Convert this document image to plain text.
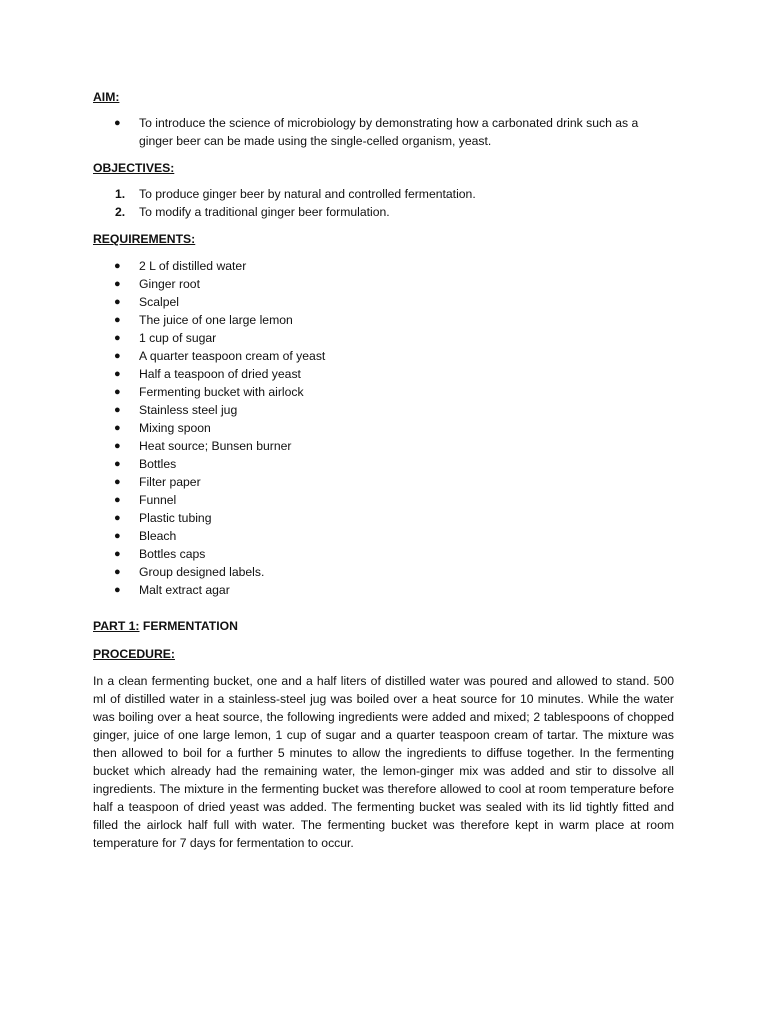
AIM:

● To introduce the science of microbiology by demonstrating how a carbonated drink such as a ginger beer can be made using the single-celled organism, yeast.

OBJECTIVES:

1. To produce ginger beer by natural and controlled fermentation.
2. To modify a traditional ginger beer formulation.

REQUIREMENTS:

● 2 L of distilled water
● Ginger root
● Scalpel
● The juice of one large lemon
● 1 cup of sugar
● A quarter teaspoon cream of yeast
● Half a teaspoon of dried yeast
● Fermenting bucket with airlock
● Stainless steel jug
● Mixing spoon
● Heat source; Bunsen burner
● Bottles
● Filter paper
● Funnel
● Plastic tubing
● Bleach
● Bottles caps
● Group designed labels.
● Malt extract agar

PART 1: FERMENTATION

PROCEDURE:

In a clean fermenting bucket, one and a half liters of distilled water was poured and allowed to stand. 500 ml of distilled water in a stainless-steel jug was boiled over a heat source for 10 minutes. While the water was boiling over a heat source, the following ingredients were added and mixed; 2 tablespoons of chopped ginger, juice of one large lemon, 1 cup of sugar and a quarter teaspoon cream of tartar. The mixture was then allowed to boil for a further 5 minutes to allow the ingredients to diffuse together. In the fermenting bucket which already had the remaining water, the lemon-ginger mix was added and stir to dissolve all ingredients. The mixture in the fermenting bucket was therefore allowed to cool at room temperature before half a teaspoon of dried yeast was added. The fermenting bucket was sealed with its lid tightly fitted and filled the airlock half full with water. The fermenting bucket was therefore kept in warm place at room temperature for 7 days for fermentation to occur.
